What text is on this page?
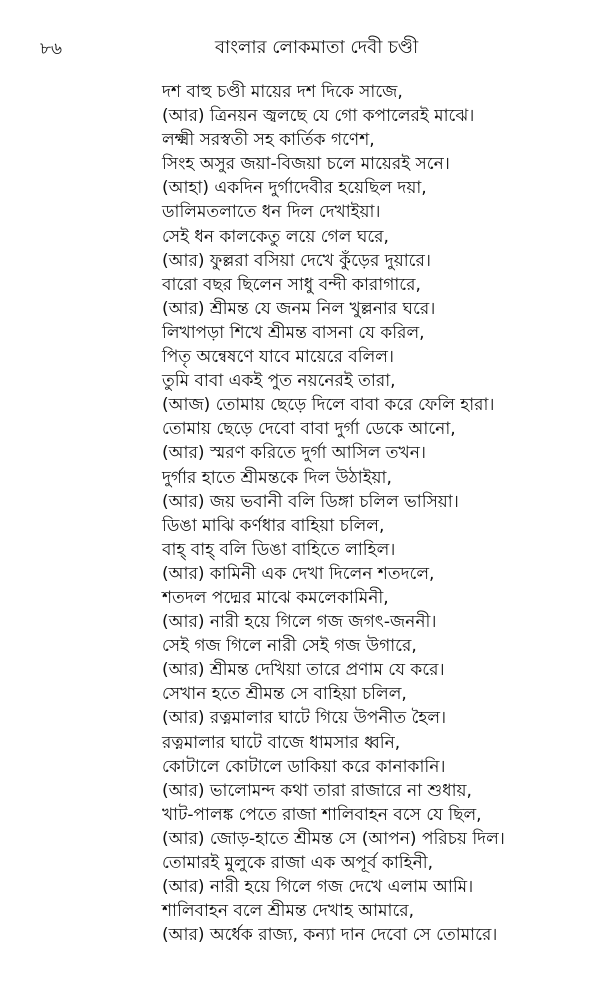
৮৬	বাংলার লোকমাতা দেবী চণ্ডী
দশ বাহু চণ্ডী মায়ের দশ দিকে সাজে,
(আর) ত্রিনয়ন জ্বলছে যে গো কপালেরই মাঝে।
লক্ষ্মী সরস্বতী সহ কার্তিক গণেশ,
সিংহ অসুর জয়া-বিজয়া চলে মায়েরই সনে।
(আহা) একদিন দুর্গাদেবীর হয়েছিল দয়া,
ডালিমতলাতে ধন দিল দেখাইয়া।
সেই ধন কালকেতু লয়ে গেল ঘরে,
(আর) ফুল্লরা বসিয়া দেখে কুঁড়ের দুয়ারে।
বারো বছর ছিলেন সাধু বন্দী কারাগারে,
(আর) শ্রীমন্ত যে জনম নিল খুল্লনার ঘরে।
লিখাপড়া শিখে শ্রীমন্ত বাসনা যে করিল,
পিতৃ অন্বেষণে যাবে মায়েরে বলিল।
তুমি বাবা একই পুত নয়নেরই তারা,
(আজ) তোমায় ছেড়ে দিলে বাবা করে ফেলি হারা।
তোমায় ছেড়ে দেবো বাবা দুর্গা ডেকে আনো,
(আর) স্মরণ করিতে দুর্গা আসিল তখন।
দুর্গার হাতে শ্রীমন্তকে দিল উঠাইয়া,
(আর) জয় ভবানী বলি ডিঙ্গা চলিল ভাসিয়া।
ডিঙা মাঝি কর্ণধার বাহিয়া চলিল,
বাহ্ বাহ্ বলি ডিঙা বাহিতে লাহিল।
(আর) কামিনী এক দেখা দিলেন শতদলে,
শতদল পদ্মের মাঝে কমলেকামিনী,
(আর) নারী হয়ে গিলে গজ জগৎ-জননী।
সেই গজ গিলে নারী সেই গজ উগারে,
(আর) শ্রীমন্ত দেখিয়া তারে প্রণাম যে করে।
সেখান হতে শ্রীমন্ত সে বাহিয়া চলিল,
(আর) রত্নমালার ঘাটে গিয়ে উপনীত হৈল।
রত্নমালার ঘাটে বাজে ধামসার ধ্বনি,
কোটালে কোটালে ডাকিয়া করে কানাকানি।
(আর) ভালোমন্দ কথা তারা রাজারে না শুধায়,
খাট-পালঙ্ক পেতে রাজা শালিবাহন বসে যে ছিল,
(আর) জোড়-হাতে শ্রীমন্ত সে (আপন) পরিচয় দিল।
তোমারই মুলুকে রাজা এক অপূর্ব কাহিনী,
(আর) নারী হয়ে গিলে গজ দেখে এলাম আমি।
শালিবাহন বলে শ্রীমন্ত দেখাহ আমারে,
(আর) অর্ধেক রাজ্য, কন্যা দান দেবো সে তোমারে।
